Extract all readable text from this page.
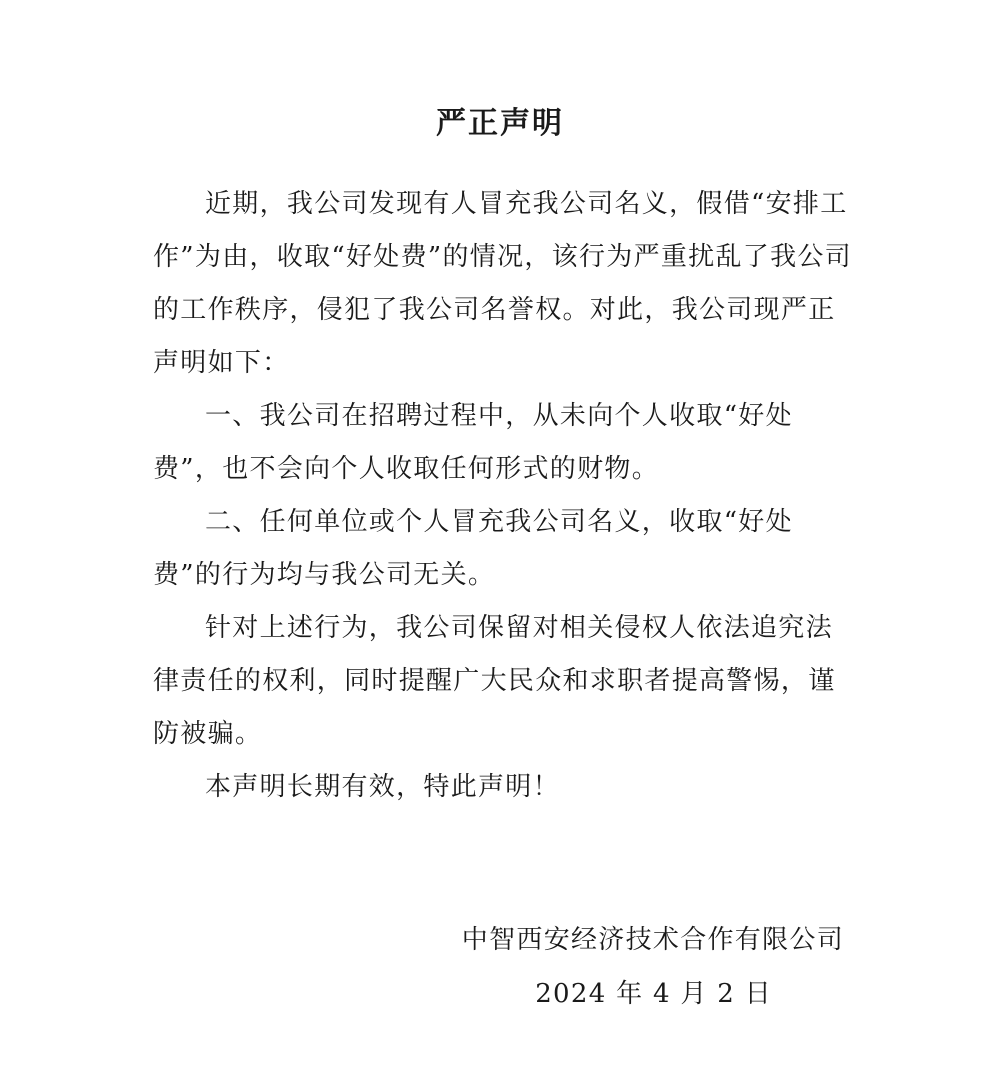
严正声明

近期，我公司发现有人冒充我公司名义，假借“安排工作”为由，收取“好处费”的情况，该行为严重扰乱了我公司的工作秩序，侵犯了我公司名誉权。对此，我公司现严正声明如下：

一、我公司在招聘过程中，从未向个人收取“好处费”，也不会向个人收取任何形式的财物。

二、任何单位或个人冒充我公司名义，收取“好处费”的行为均与我公司无关。

针对上述行为，我公司保留对相关侵权人依法追究法律责任的权利，同时提醒广大民众和求职者提高警惕，谨防被骗。

本声明长期有效，特此声明！

中智西安经济技术合作有限公司
2024 年 4 月 2 日
